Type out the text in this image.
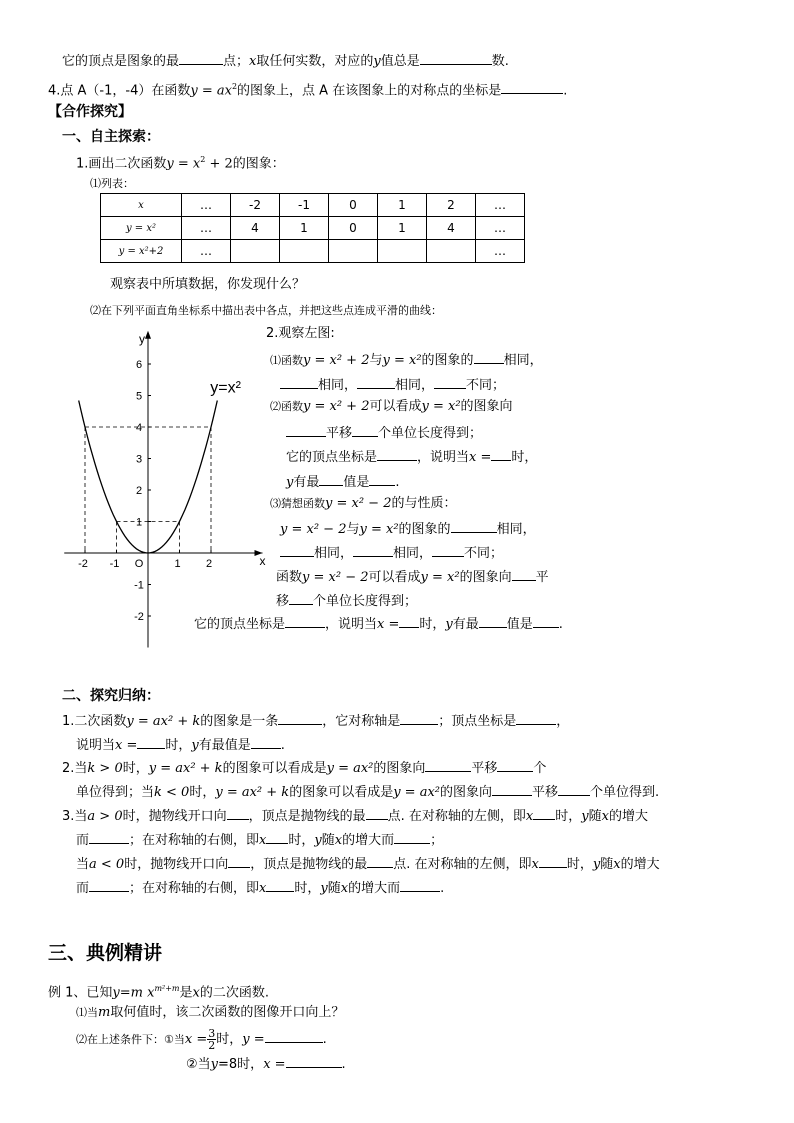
它的顶点是图象的最	点；x取任何实数，对应的y值总是	数.
4.点 A（-1，-4）在函数$y = ax^2$的图象上，点 A 在该图象上的对称点的坐标是	.
【合作探究】
一、自主探索：
1.画出二次函数$y = x^2 + 2$的图象：
⑴列表：
x	…	-2	-1	0	1	2	…
y = x²	…	4	1	0	1	4	…
y = x²+2	…						…
观察表中所填数据，你发现什么？
⑵在下列平面直角坐标系中描出表中各点，并把这些点连成平滑的曲线：
x
y
O
-2 -1	1 2
6
5
4
3
2
1
-1
-2
y=x²
2.观察左图:
⑴函数y = x² + 2与y = x²的图象的 相同，
相同，	相同， 不同；
⑵函数y = x² + 2可以看成y = x²的图象向
平移 个单位长度得到；
它的顶点坐标是	，说明当x = 时，
y有最 值是 .
⑶猜想函数y = x² − 2的与性质：
y = x² − 2与y = x²的图象的	相同，
相同，	相同， 不同；
函数y = x² − 2可以看成y = x²的图象向 平
移 个单位长度得到；
它的顶点坐标是	，说明当x = 时，y有最 值是 .
二、探究归纳：
1.二次函数y = ax² + k的图象是一条	，它对称轴是	；顶点坐标是	，
说明当x = 时，y有最值是 .
2.当k > 0时，y = ax² + k的图象可以看成是y = ax²的图象向	平移	个
单位得到；当k < 0时，y = ax² + k的图象可以看成是y = ax²的图象向	平移 个单位得到.
3.当a > 0时，抛物线开口向 ，顶点是抛物线的最 点. 在对称轴的左侧，即x 时，y随x的增大
而	；在对称轴的右侧，即x 时，y随x的增大而	；
当a < 0时，抛物线开口向 ，顶点是抛物线的最 点. 在对称轴的左侧，即x 时，y随x的增大
而	；在对称轴的右侧，即x 时，y随x的增大而	.
三、典例精讲
例 1、已知y=m $x^{m^2+m}$是x的二次函数.
⑴当m取何值时，该二次函数的图像开口向上？
⑵在上述条件下：①当$x = \frac{3}{2}$ 时，y =	.
②当y=8时，x =	.
